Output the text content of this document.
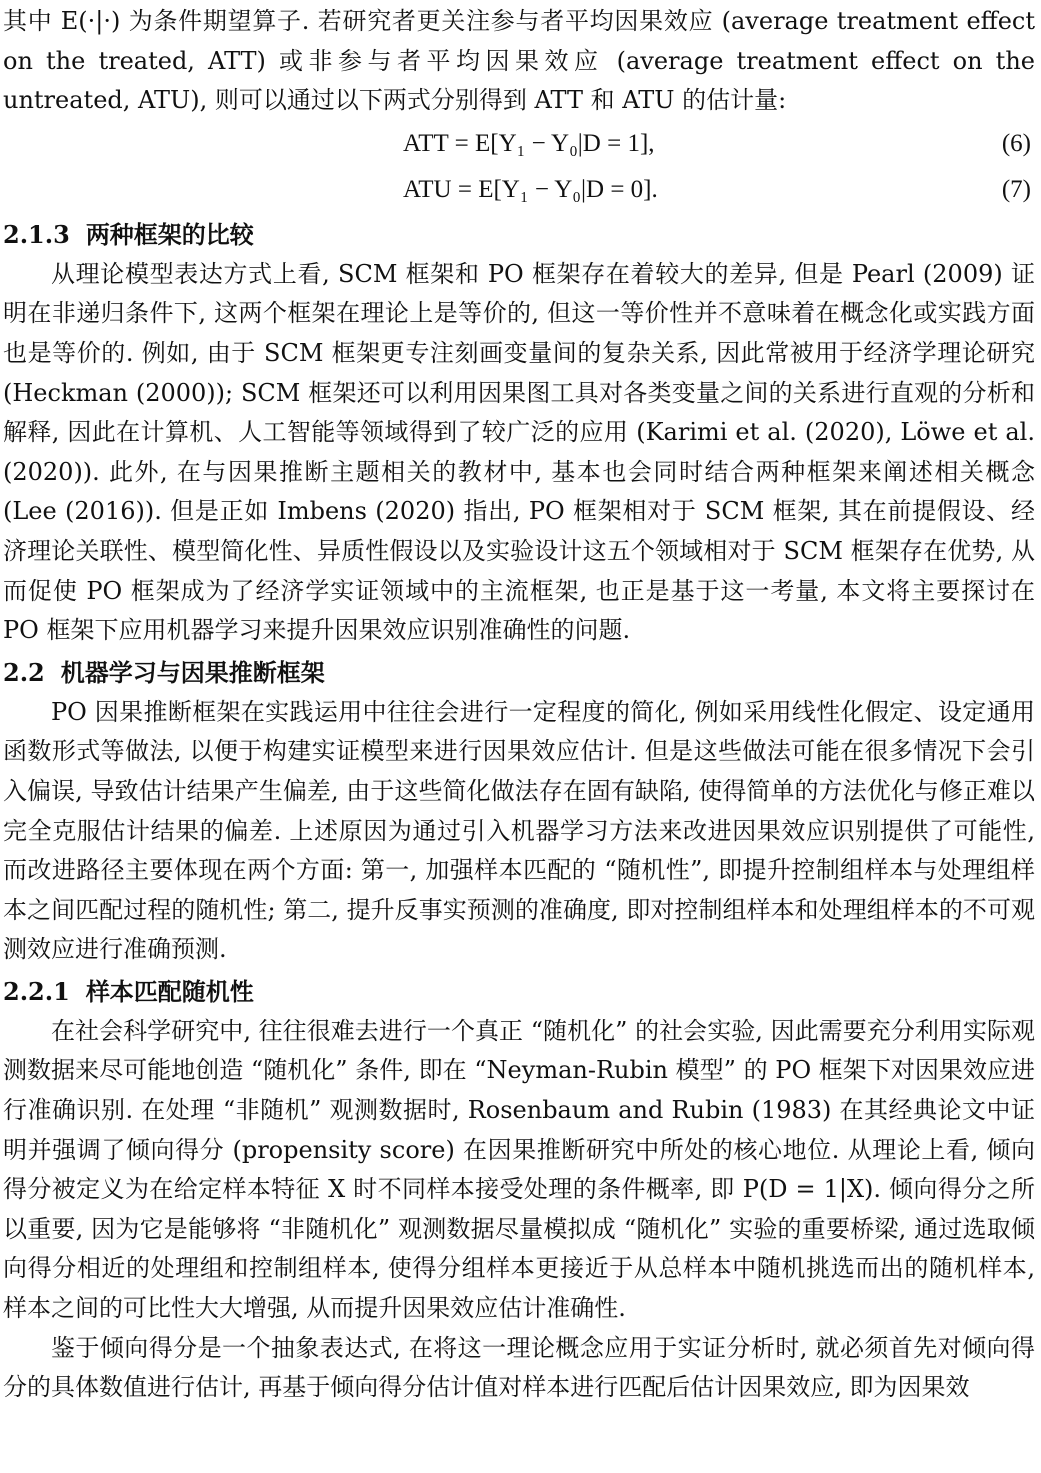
其中 E(·|·) 为条件期望算子. 若研究者更关注参与者平均因果效应 (average treatment effect on the treated, ATT) 或非参与者平均因果效应 (average treatment effect on the untreated, ATU), 则可以通过以下两式分别得到 ATT 和 ATU 的估计量:

ATT = E[Y₁ − Y₀|D = 1],	(6)
ATU = E[Y₁ − Y₀|D = 0].	(7)
2.1.3 两种框架的比较

从理论模型表达方式上看, SCM 框架和 PO 框架存在着较大的差异, 但是 Pearl (2009) 证明在非递归条件下, 这两个框架在理论上是等价的, 但这一等价性并不意味着在概念化或实践方面也是等价的. 例如, 由于 SCM 框架更专注刻画变量间的复杂关系, 因此常被用于经济学理论研究 (Heckman (2000)); SCM 框架还可以利用因果图工具对各类变量之间的关系进行直观的分析和解释, 因此在计算机、人工智能等领域得到了较广泛的应用 (Karimi et al. (2020), Löwe et al. (2020)). 此外, 在与因果推断主题相关的教材中, 基本也会同时结合两种框架来阐述相关概念 (Lee (2016)). 但是正如 Imbens (2020) 指出, PO 框架相对于 SCM 框架, 其在前提假设、经济理论关联性、模型简化性、异质性假设以及实验设计这五个领域相对于 SCM 框架存在优势, 从而促使 PO 框架成为了经济学实证领域中的主流框架, 也正是基于这一考量, 本文将主要探讨在 PO 框架下应用机器学习来提升因果效应识别准确性的问题.

2.2 机器学习与因果推断框架

PO 因果推断框架在实践运用中往往会进行一定程度的简化, 例如采用线性化假定、设定通用函数形式等做法, 以便于构建实证模型来进行因果效应估计. 但是这些做法可能在很多情况下会引入偏误, 导致估计结果产生偏差, 由于这些简化做法存在固有缺陷, 使得简单的方法优化与修正难以完全克服估计结果的偏差. 上述原因为通过引入机器学习方法来改进因果效应识别提供了可能性, 而改进路径主要体现在两个方面: 第一, 加强样本匹配的 “随机性”, 即提升控制组样本与处理组样本之间匹配过程的随机性; 第二, 提升反事实预测的准确度, 即对控制组样本和处理组样本的不可观测效应进行准确预测.

2.2.1 样本匹配随机性

在社会科学研究中, 往往很难去进行一个真正 “随机化” 的社会实验, 因此需要充分利用实际观测数据来尽可能地创造 “随机化” 条件, 即在 “Neyman-Rubin 模型” 的 PO 框架下对因果效应进行准确识别. 在处理 “非随机” 观测数据时, Rosenbaum and Rubin (1983) 在其经典论文中证明并强调了倾向得分 (propensity score) 在因果推断研究中所处的核心地位. 从理论上看, 倾向得分被定义为在给定样本特征 X 时不同样本接受处理的条件概率, 即 P(D = 1|X). 倾向得分之所以重要, 因为它是能够将 “非随机化” 观测数据尽量模拟成 “随机化” 实验的重要桥梁, 通过选取倾向得分相近的处理组和控制组样本, 使得分组样本更接近于从总样本中随机挑选而出的随机样本, 样本之间的可比性大大增强, 从而提升因果效应估计准确性.

鉴于倾向得分是一个抽象表达式, 在将这一理论概念应用于实证分析时, 就必须首先对倾向得分的具体数值进行估计, 再基于倾向得分估计值对样本进行匹配后估计因果效应, 即为因果效
